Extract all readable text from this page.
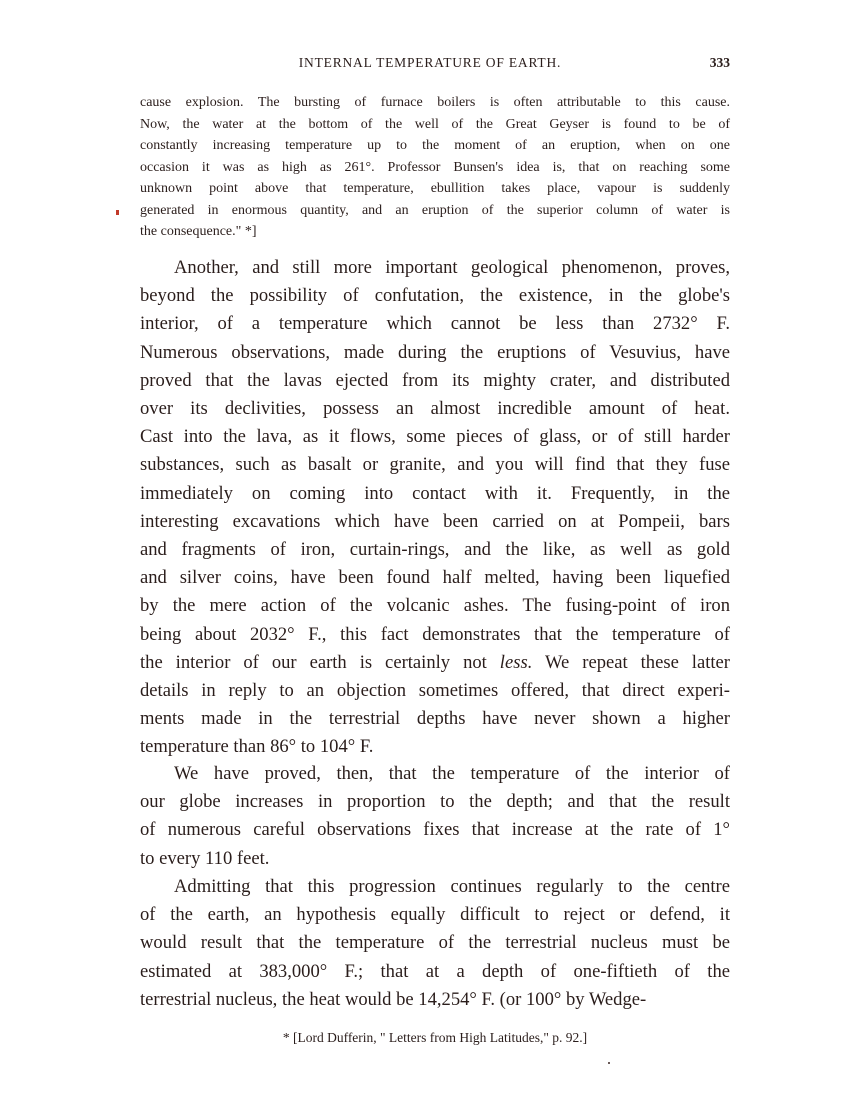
INTERNAL TEMPERATURE OF EARTH.	333
cause explosion. The bursting of furnace boilers is often attributable to this cause.
Now, the water at the bottom of the well of the Great Geyser is found to be of
constantly increasing temperature up to the moment of an eruption, when on one
occasion it was as high as 261°. Professor Bunsen's idea is, that on reaching some
unknown point above that temperature, ebullition takes place, vapour is suddenly
generated in enormous quantity, and an eruption of the superior column of water is
the consequence." *]
Another, and still more important geological phenomenon, proves,
beyond the possibility of confutation, the existence, in the globe's
interior, of a temperature which cannot be less than 2732° F.
Numerous observations, made during the eruptions of Vesuvius, have
proved that the lavas ejected from its mighty crater, and distributed
over its declivities, possess an almost incredible amount of heat.
Cast into the lava, as it flows, some pieces of glass, or of still harder
substances, such as basalt or granite, and you will find that they fuse
immediately on coming into contact with it. Frequently, in the
interesting excavations which have been carried on at Pompeii, bars
and fragments of iron, curtain-rings, and the like, as well as gold
and silver coins, have been found half melted, having been liquefied
by the mere action of the volcanic ashes. The fusing-point of iron
being about 2032° F., this fact demonstrates that the temperature of
the interior of our earth is certainly not less. We repeat these latter
details in reply to an objection sometimes offered, that direct experi-
ments made in the terrestrial depths have never shown a higher
temperature than 86° to 104° F.
We have proved, then, that the temperature of the interior of
our globe increases in proportion to the depth; and that the result
of numerous careful observations fixes that increase at the rate of 1°
to every 110 feet.
Admitting that this progression continues regularly to the centre
of the earth, an hypothesis equally difficult to reject or defend, it
would result that the temperature of the terrestrial nucleus must be
estimated at 383,000° F.; that at a depth of one-fiftieth of the
terrestrial nucleus, the heat would be 14,254° F. (or 100° by Wedge-
* [Lord Dufferin, " Letters from High Latitudes," p. 92.]
